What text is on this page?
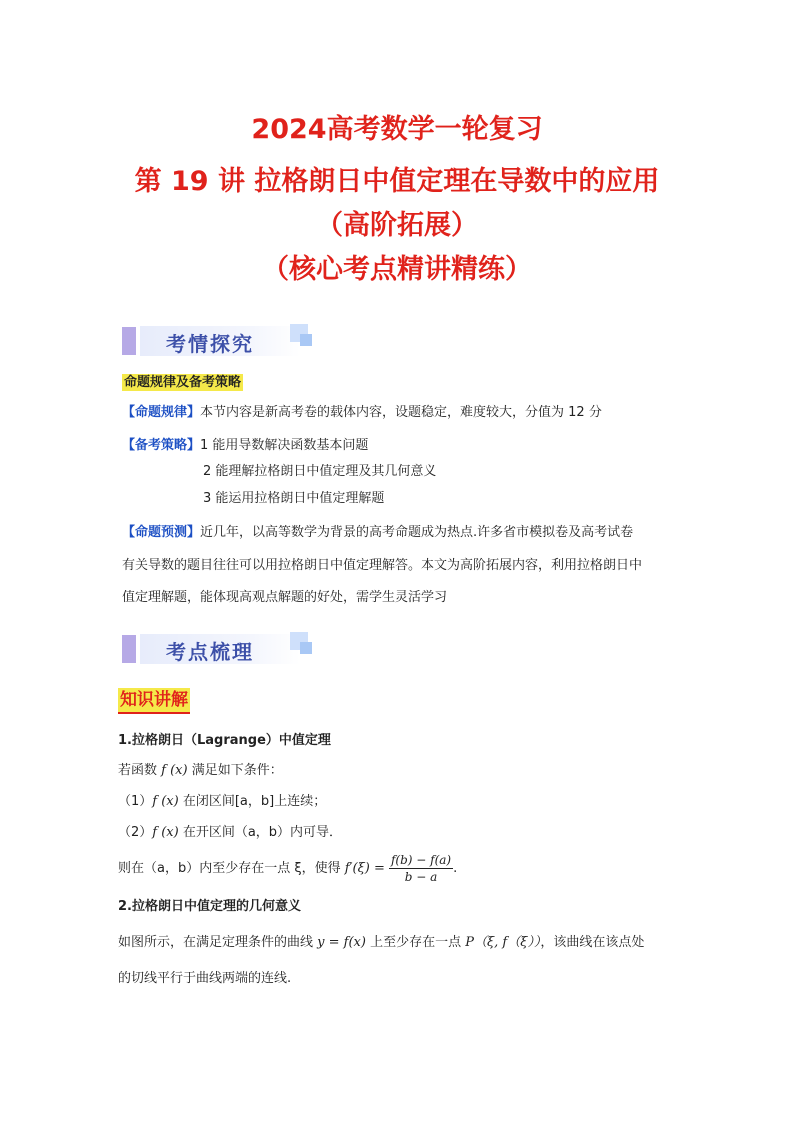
2024高考数学一轮复习
第 19 讲 拉格朗日中值定理在导数中的应用
（高阶拓展）
（核心考点精讲精练）
考情探究
命题规律及备考策略
【命题规律】本节内容是新高考卷的载体内容，设题稳定，难度较大，分值为 12 分
【备考策略】1 能用导数解决函数基本问题
2 能理解拉格朗日中值定理及其几何意义
3 能运用拉格朗日中值定理解题
【命题预测】近几年，以高等数学为背景的高考命题成为热点.许多省市模拟卷及高考试卷
有关导数的题目往往可以用拉格朗日中值定理解答。本文为高阶拓展内容，利用拉格朗日中
值定理解题，能体现高观点解题的好处，需学生灵活学习
考点梳理
知识讲解
1.拉格朗日（Lagrange）中值定理
若函数 f (x) 满足如下条件：
（1）f (x) 在闭区间[a，b]上连续；
（2）f (x) 在开区间（a，b）内可导．
则在（a，b）内至少存在一点 ξ，使得 $f'(\xi) = \frac{f(b) - f(a)}{b - a}$ .
2.拉格朗日中值定理的几何意义
如图所示，在满足定理条件的曲线 y = f(x) 上至少存在一点 P（ξ, f（ξ）），该曲线在该点处
的切线平行于曲线两端的连线.
